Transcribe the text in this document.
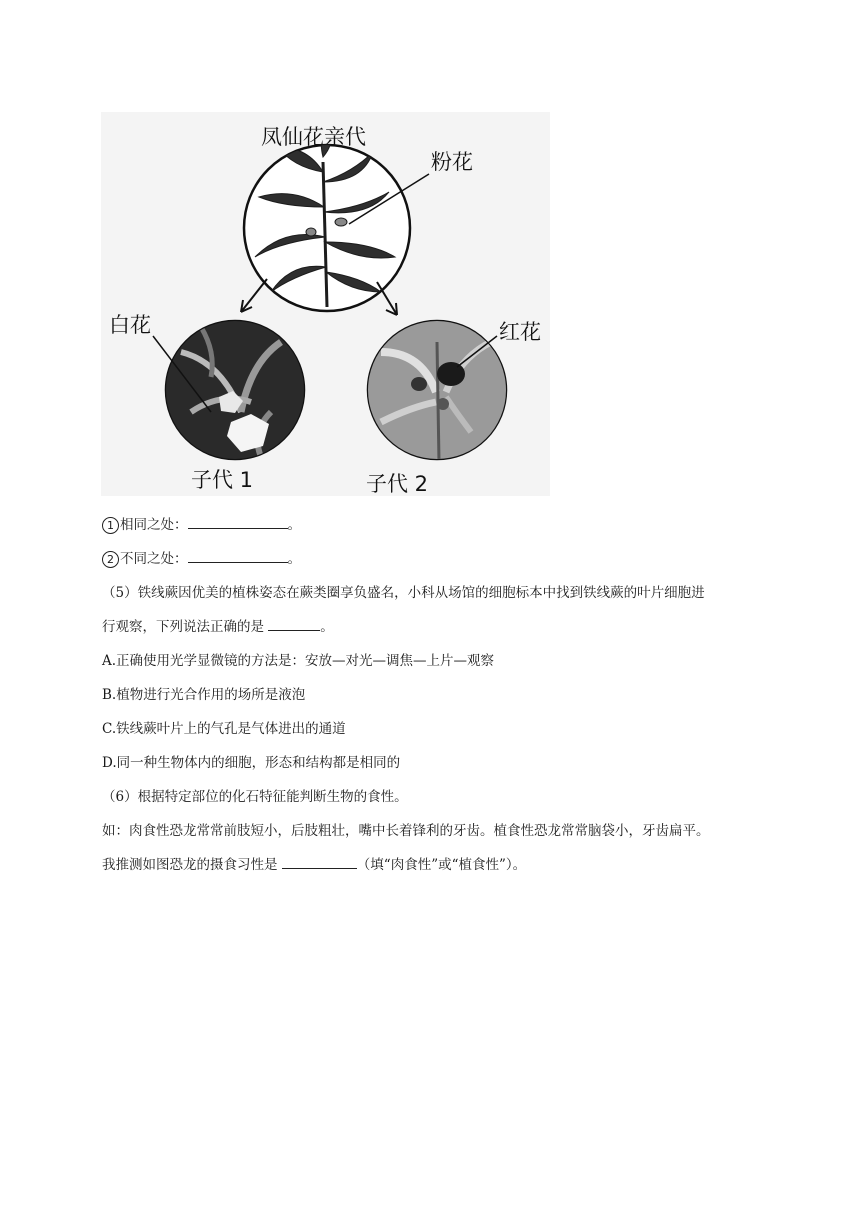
凤仙花亲代
粉花
白花	红花
子代 1	子代 2
1 相同之处：	。
2 不同之处：	。
（5）铁线蕨因优美的植株姿态在蕨类圈享负盛名，小科从场馆的细胞标本中找到铁线蕨的叶片细胞进
行观察，下列说法正确的是	。
A.正确使用光学显微镜的方法是：安放—对光—调焦—上片—观察
B.植物进行光合作用的场所是液泡
C.铁线蕨叶片上的气孔是气体进出的通道
D.同一种生物体内的细胞，形态和结构都是相同的
（6）根据特定部位的化石特征能判断生物的食性。
如：肉食性恐龙常常前肢短小，后肢粗壮，嘴中长着锋利的牙齿。植食性恐龙常常脑袋小，牙齿扁平。
我推测如图恐龙的摄食习性是	（填“肉食性”或“植食性”）。
